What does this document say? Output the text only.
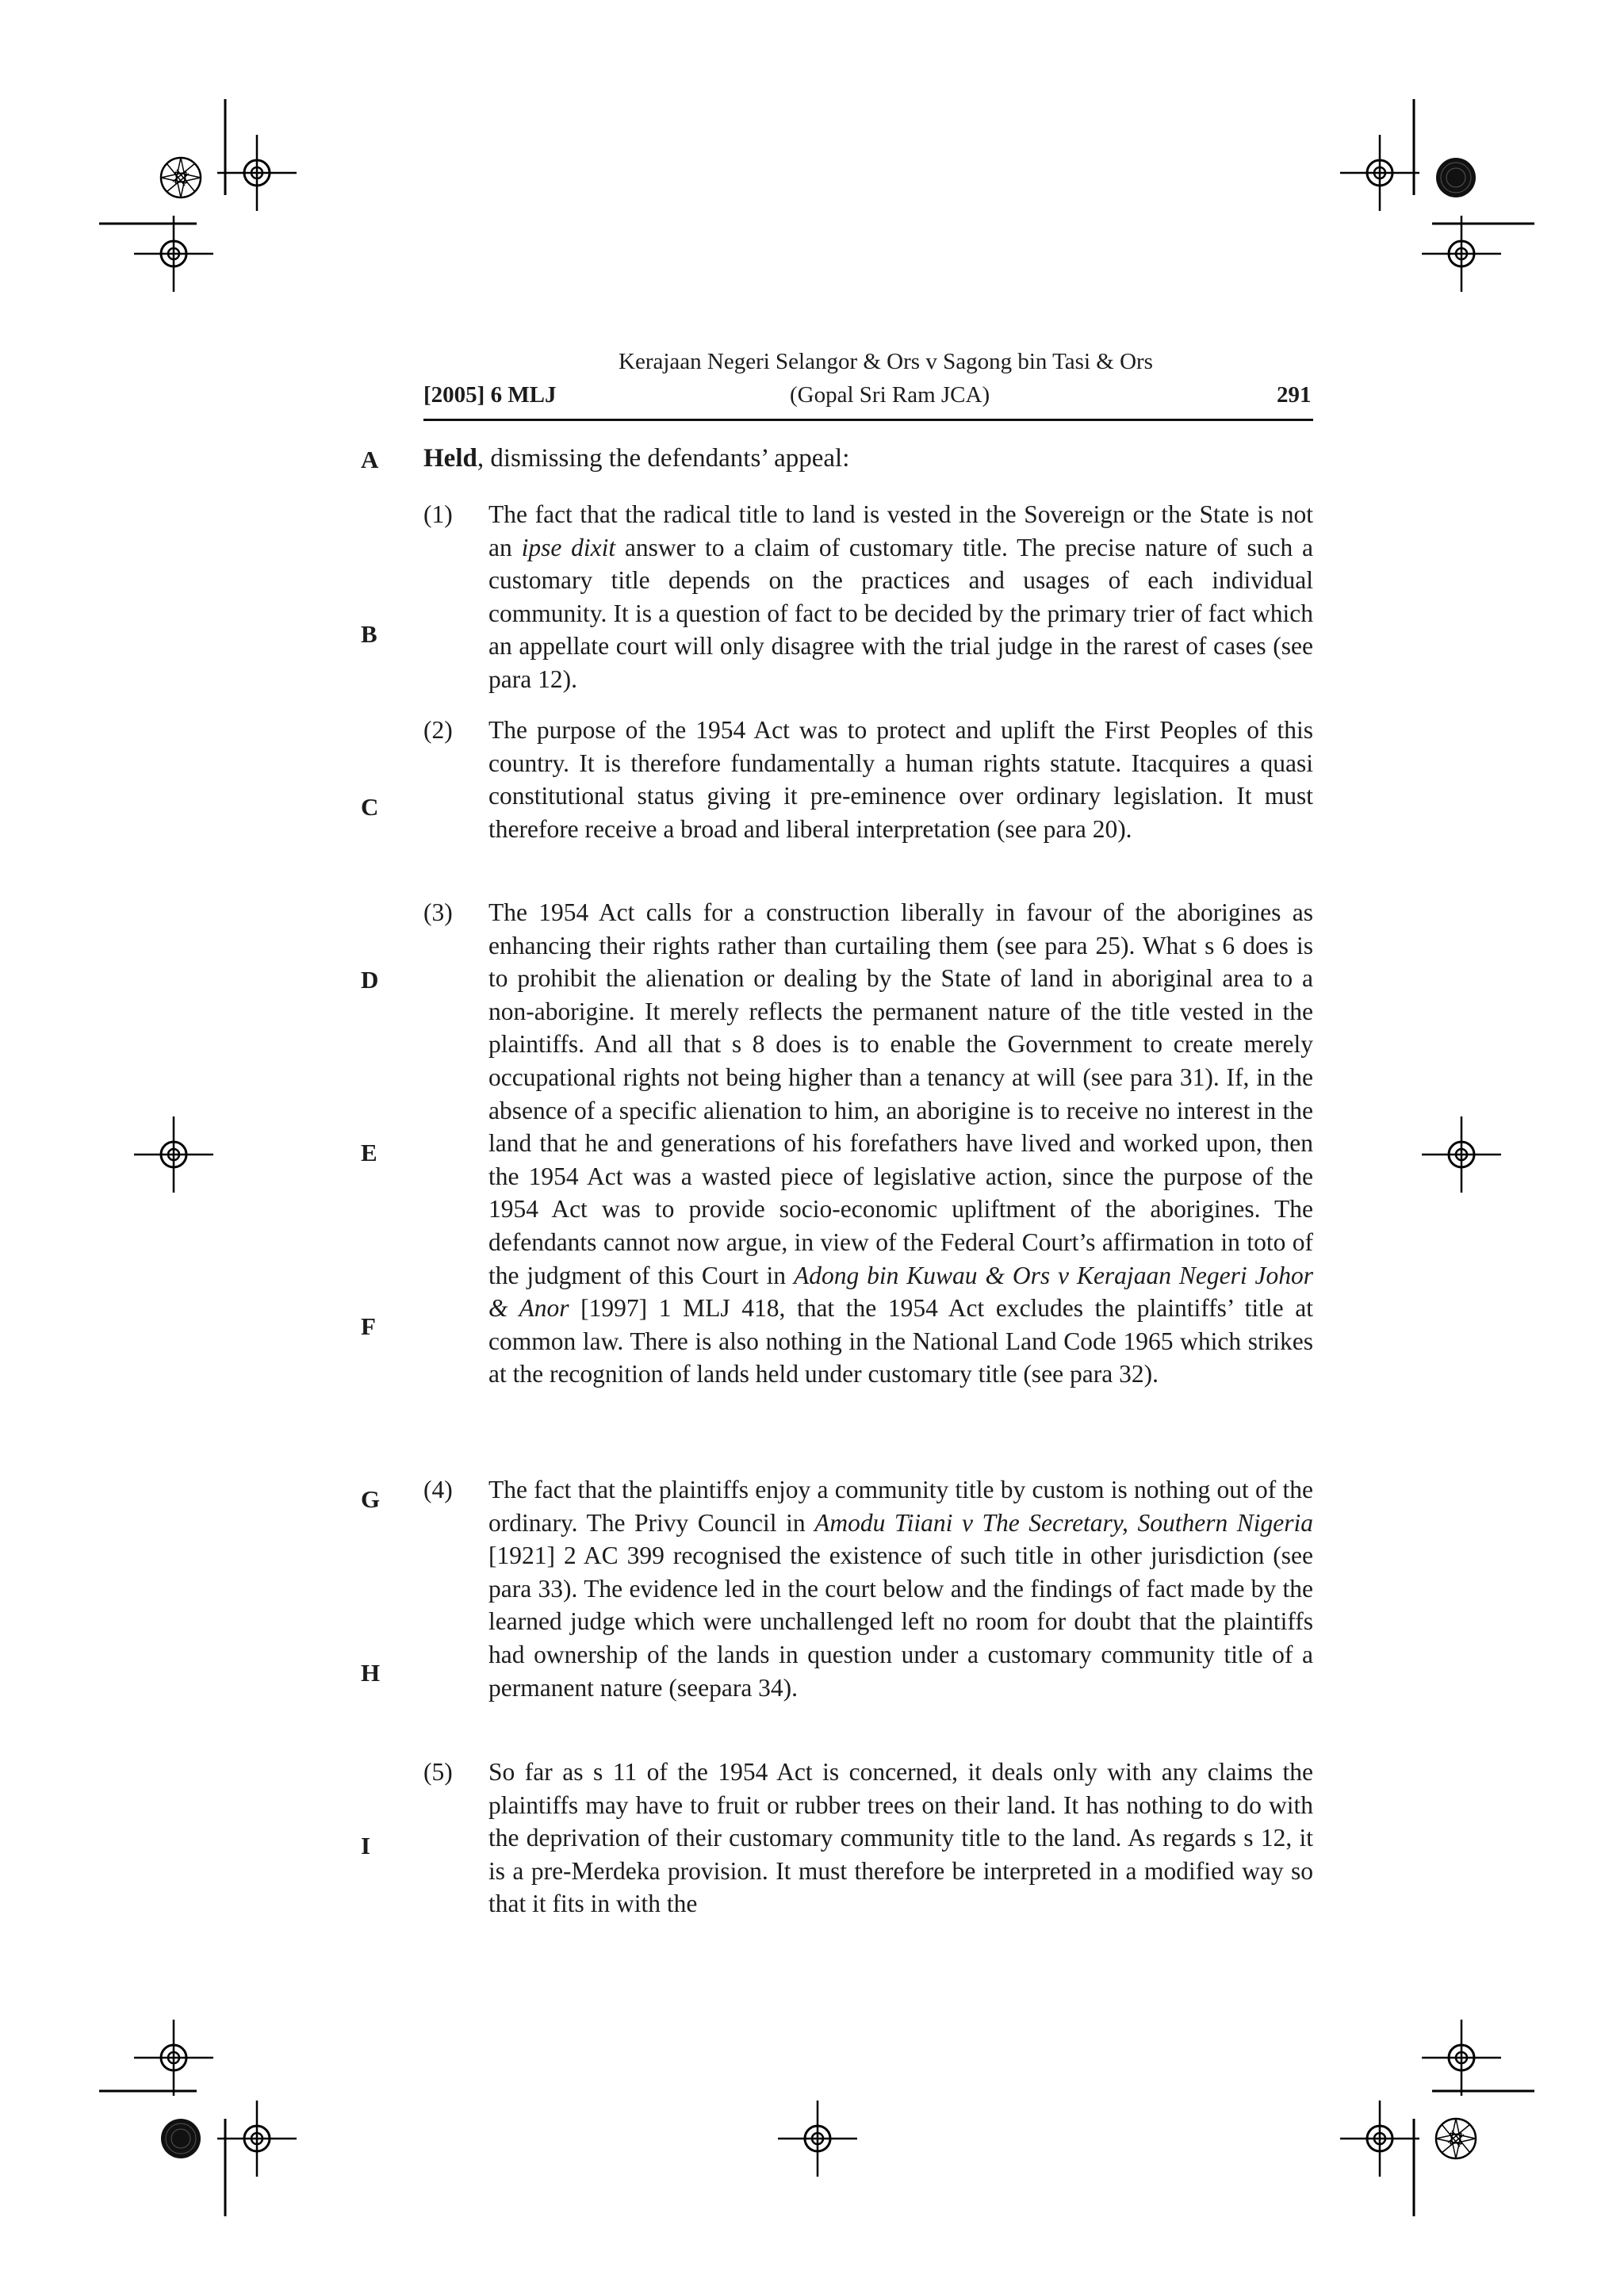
Kerajaan Negeri Selangor & Ors v Sagong bin Tasi & Ors
[2005] 6 MLJ	(Gopal Sri Ram JCA)	291
A
B
C
D
E
F
G
H
I
Held, dismissing the defendants’ appeal:
(1) The fact that the radical title to land is vested in the Sovereign or the State is not an ipse dixit answer to a claim of customary title. The precise nature of such a customary title depends on the practices and usages of each individual community. It is a question of fact to be decided by the primary trier of fact which an appellate court will only disagree with the trial judge in the rarest of cases (see para 12).
(2) The purpose of the 1954 Act was to protect and uplift the First Peoples of this country. It is therefore fundamentally a human rights statute. Itacquires a quasi constitutional status giving it pre-eminence over ordinary legislation. It must therefore receive a broad and liberal interpretation (see para 20).
(3) The 1954 Act calls for a construction liberally in favour of the aborigines as enhancing their rights rather than curtailing them (see para 25). What s 6 does is to prohibit the alienation or dealing by the State of land in aboriginal area to a non-aborigine. It merely reflects the permanent nature of the title vested in the plaintiffs. And all that s 8 does is to enable the Government to create merely occupational rights not being higher than a tenancy at will (see para 31). If, in the absence of a specific alienation to him, an aborigine is to receive no interest in the land that he and generations of his forefathers have lived and worked upon, then the 1954 Act was a wasted piece of legislative action, since the purpose of the 1954 Act was to provide socio-economic upliftment of the aborigines. The defendants cannot now argue, in view of the Federal Court’s affirmation in toto of the judgment of this Court in Adong bin Kuwau & Ors v Kerajaan Negeri Johor & Anor [1997] 1 MLJ 418, that the 1954 Act excludes the plaintiffs’ title at common law. There is also nothing in the National Land Code 1965 which strikes at the recognition of lands held under customary title (see para 32).
(4) The fact that the plaintiffs enjoy a community title by custom is nothing out of the ordinary. The Privy Council in Amodu Tiiani v The Secretary, Southern Nigeria [1921] 2 AC 399 recognised the existence of such title in other jurisdiction (see para 33). The evidence led in the court below and the findings of fact made by the learned judge which were unchallenged left no room for doubt that the plaintiffs had ownership of the lands in question under a customary community title of a permanent nature (seepara 34).
(5) So far as s 11 of the 1954 Act is concerned, it deals only with any claims the plaintiffs may have to fruit or rubber trees on their land. It has nothing to do with the deprivation of their customary community title to the land. As regards s 12, it is a pre-Merdeka provision. It must therefore be interpreted in a modified way so that it fits in with the
